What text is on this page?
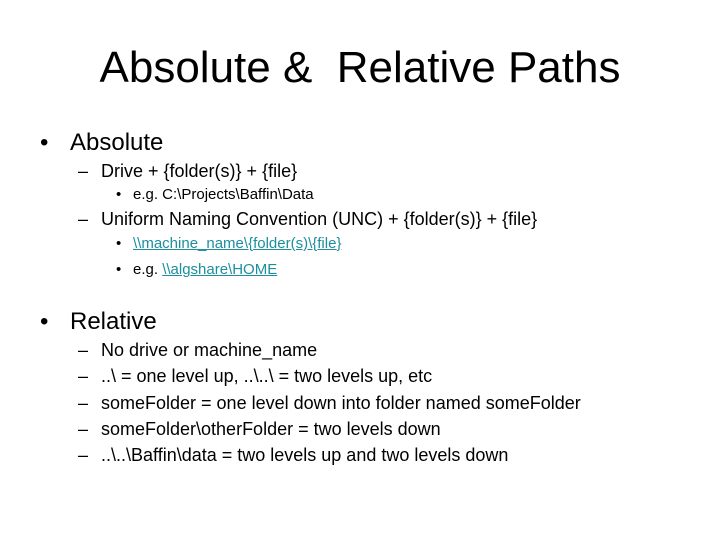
Absolute &  Relative Paths
• Absolute
– Drive + {folder(s)} + {file}
• e.g. C:\Projects\Baffin\Data
– Uniform Naming Convention (UNC) + {folder(s)} + {file}
• \\machine_name\{folder(s)\{file}
• e.g. \\algshare\HOME
• Relative
– No drive or machine_name
– ..\ = one level up, ..\..\ = two levels up, etc
– someFolder = one level down into folder named someFolder
– someFolder\otherFolder = two levels down
– ..\..\Baffin\data = two levels up and two levels down
